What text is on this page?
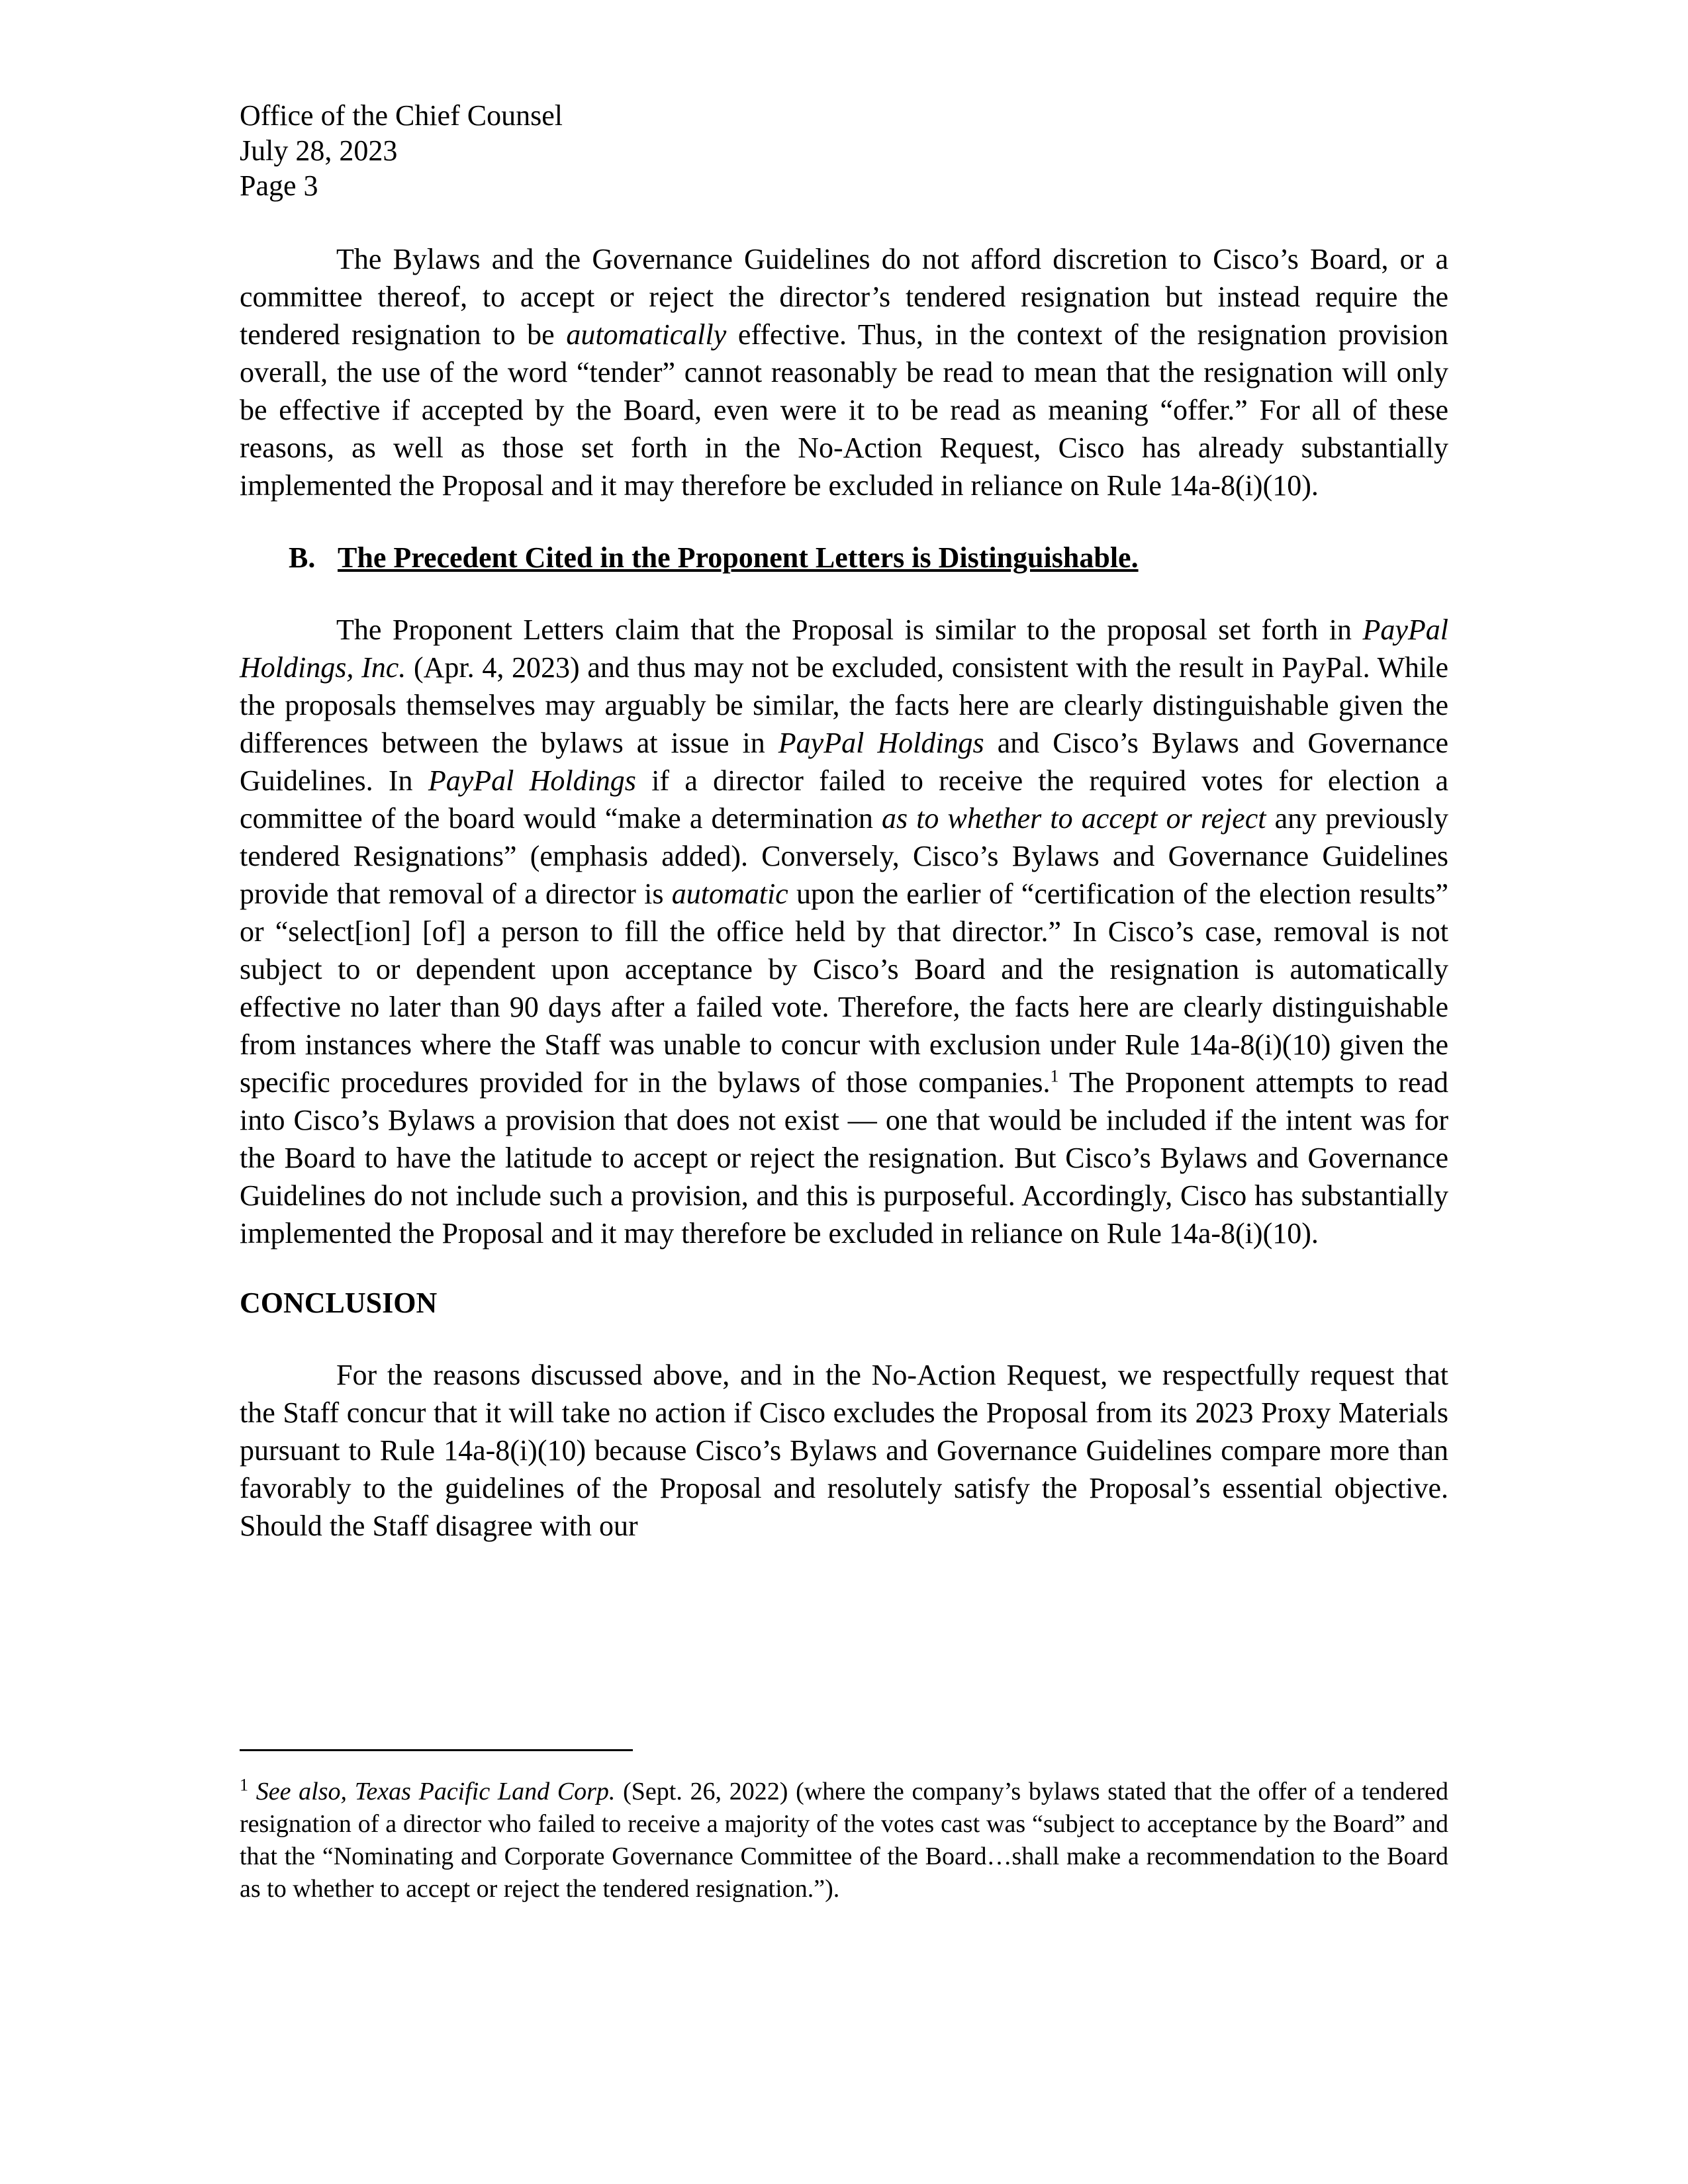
Office of the Chief Counsel
July 28, 2023
Page 3

The Bylaws and the Governance Guidelines do not afford discretion to Cisco’s Board, or a committee thereof, to accept or reject the director’s tendered resignation but instead require the tendered resignation to be automatically effective. Thus, in the context of the resignation provision overall, the use of the word “tender” cannot reasonably be read to mean that the resignation will only be effective if accepted by the Board, even were it to be read as meaning “offer.” For all of these reasons, as well as those set forth in the No-Action Request, Cisco has already substantially implemented the Proposal and it may therefore be excluded in reliance on Rule 14a-8(i)(10).

B. The Precedent Cited in the Proponent Letters is Distinguishable.

The Proponent Letters claim that the Proposal is similar to the proposal set forth in PayPal Holdings, Inc. (Apr. 4, 2023) and thus may not be excluded, consistent with the result in PayPal. While the proposals themselves may arguably be similar, the facts here are clearly distinguishable given the differences between the bylaws at issue in PayPal Holdings and Cisco’s Bylaws and Governance Guidelines. In PayPal Holdings if a director failed to receive the required votes for election a committee of the board would “make a determination as to whether to accept or reject any previously tendered Resignations” (emphasis added). Conversely, Cisco’s Bylaws and Governance Guidelines provide that removal of a director is automatic upon the earlier of “certification of the election results” or “select[ion] [of] a person to fill the office held by that director.” In Cisco’s case, removal is not subject to or dependent upon acceptance by Cisco’s Board and the resignation is automatically effective no later than 90 days after a failed vote. Therefore, the facts here are clearly distinguishable from instances where the Staff was unable to concur with exclusion under Rule 14a-8(i)(10) given the specific procedures provided for in the bylaws of those companies.$^1$ The Proponent attempts to read into Cisco’s Bylaws a provision that does not exist — one that would be included if the intent was for the Board to have the latitude to accept or reject the resignation. But Cisco’s Bylaws and Governance Guidelines do not include such a provision, and this is purposeful. Accordingly, Cisco has substantially implemented the Proposal and it may therefore be excluded in reliance on Rule 14a-8(i)(10).

CONCLUSION

For the reasons discussed above, and in the No-Action Request, we respectfully request that the Staff concur that it will take no action if Cisco excludes the Proposal from its 2023 Proxy Materials pursuant to Rule 14a-8(i)(10) because Cisco’s Bylaws and Governance Guidelines compare more than favorably to the guidelines of the Proposal and resolutely satisfy the Proposal’s essential objective. Should the Staff disagree with our

$^1$ See also, Texas Pacific Land Corp. (Sept. 26, 2022) (where the company’s bylaws stated that the offer of a tendered resignation of a director who failed to receive a majority of the votes cast was “subject to acceptance by the Board” and that the “Nominating and Corporate Governance Committee of the Board…shall make a recommendation to the Board as to whether to accept or reject the tendered resignation.”).
